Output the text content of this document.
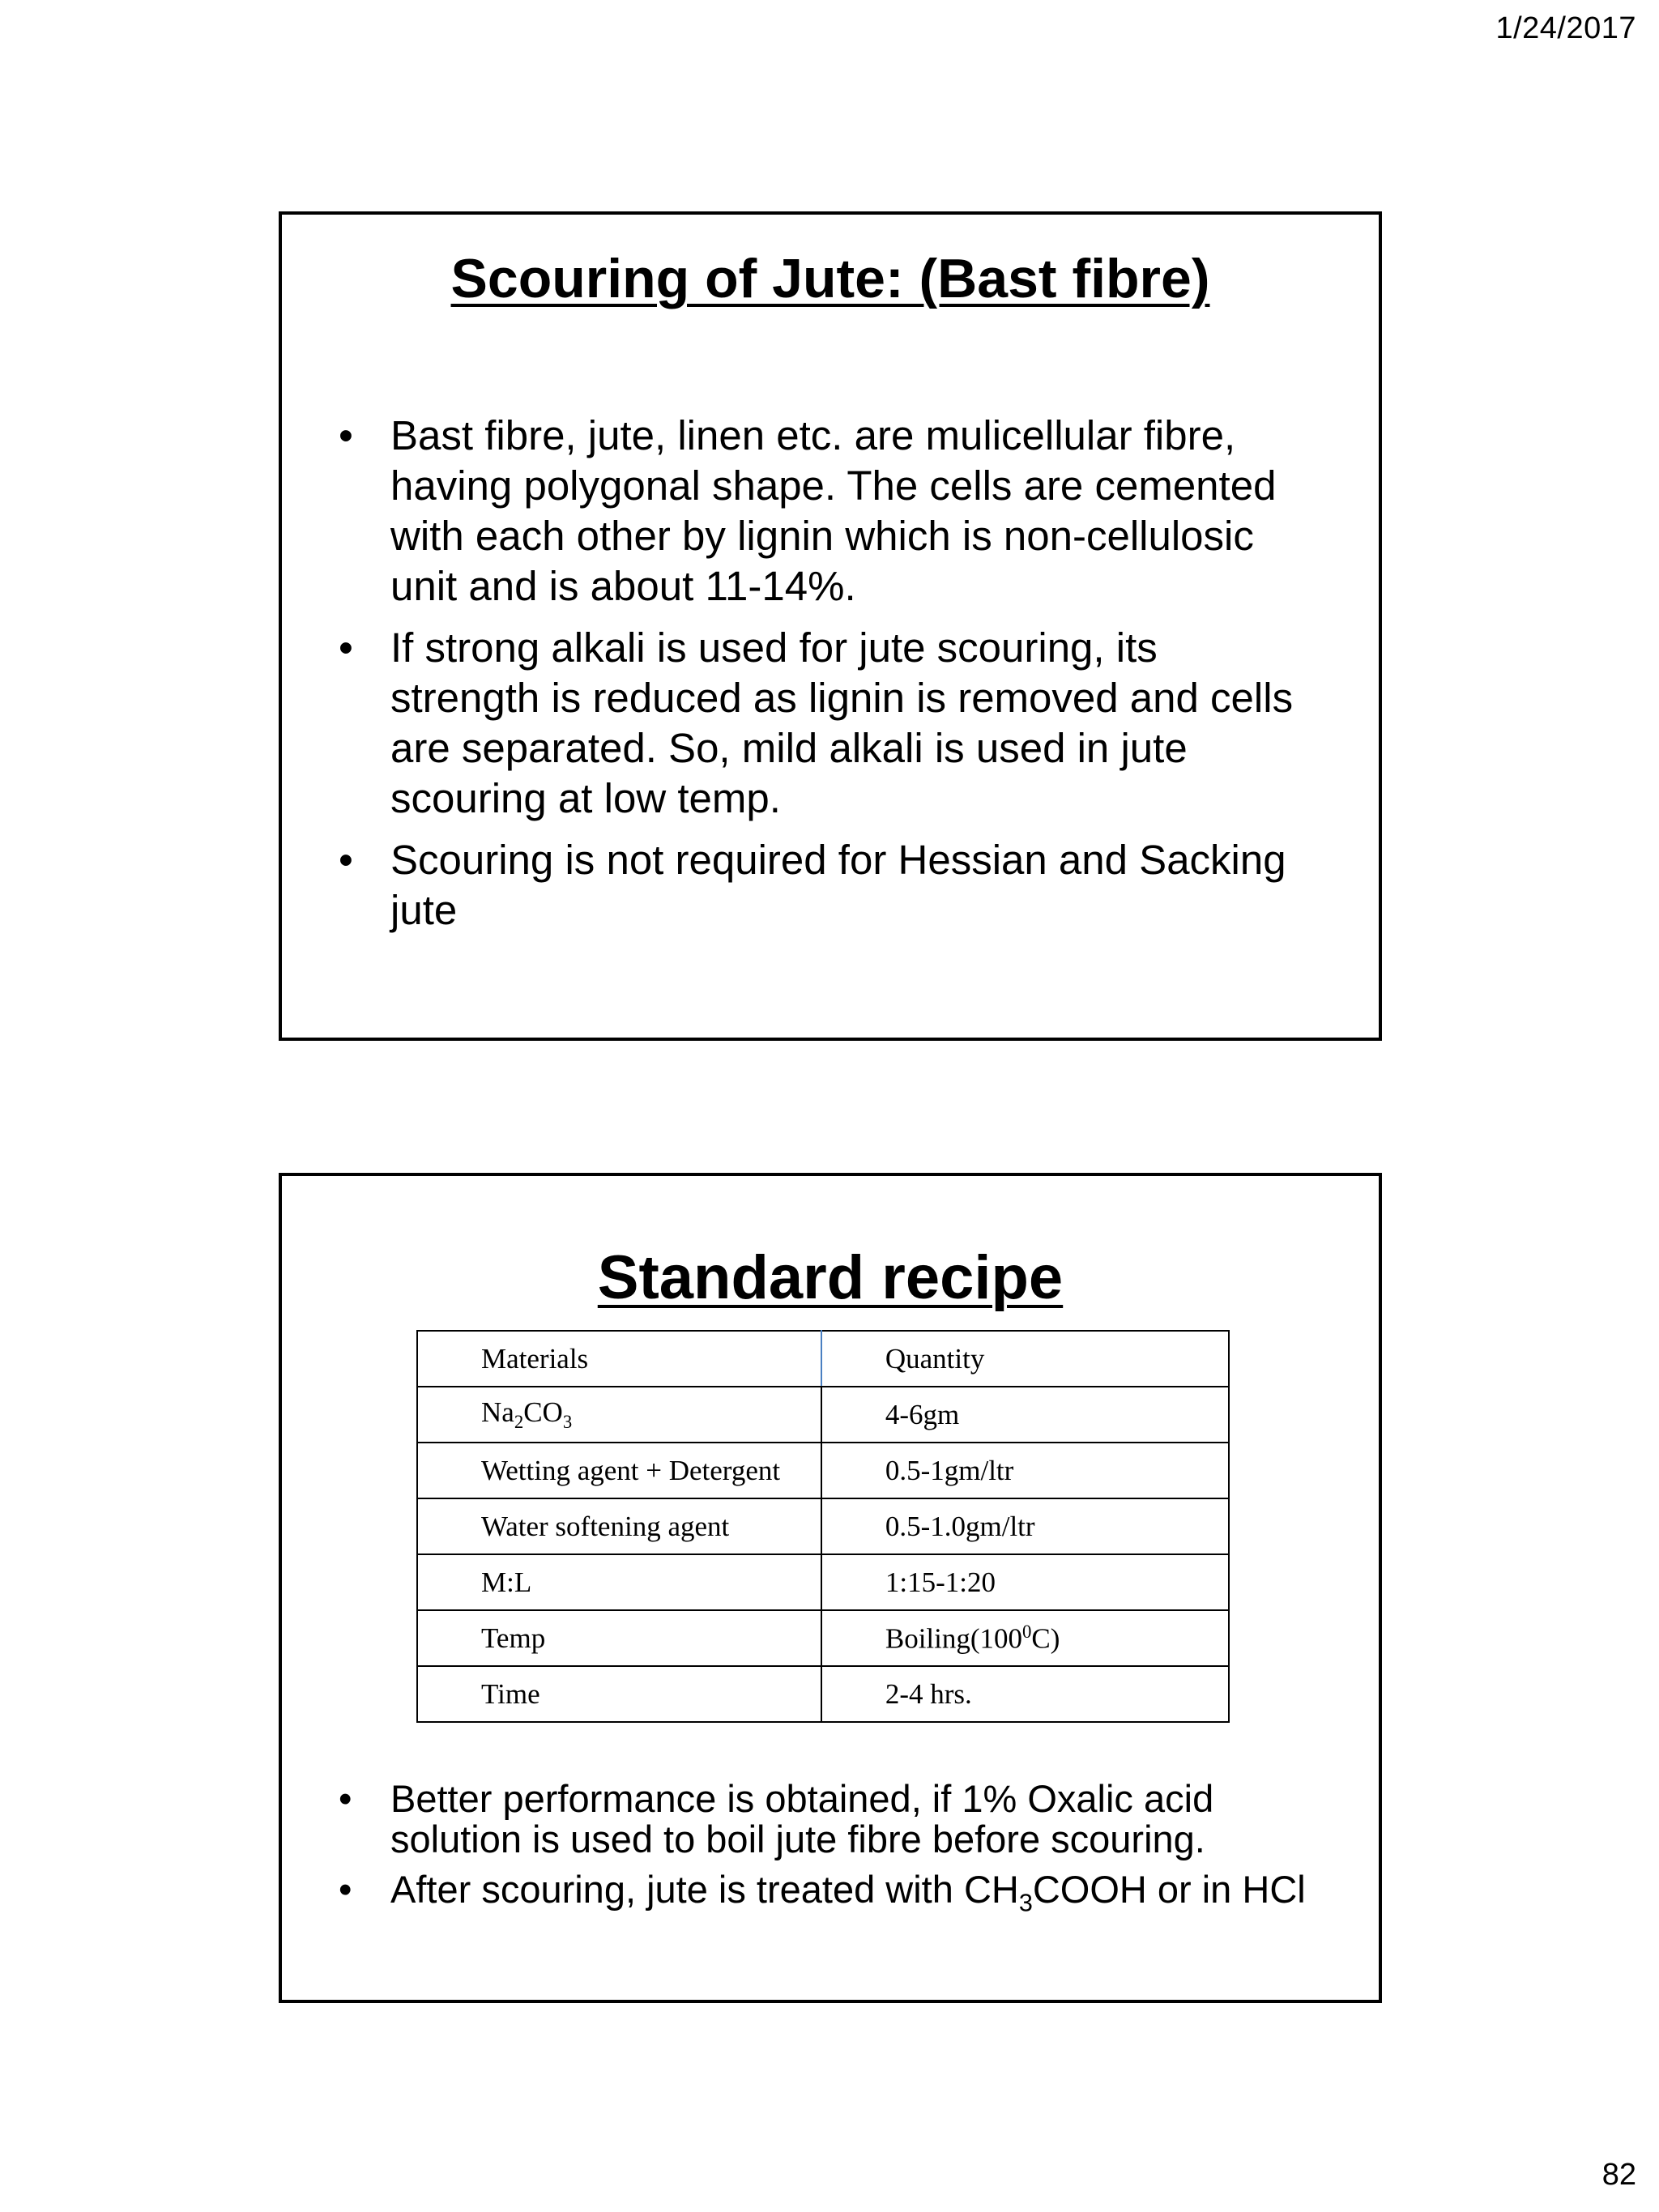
1/24/2017
Scouring of Jute: (Bast fibre)
• Bast fibre, jute, linen etc. are mulicellular fibre, having polygonal shape. The cells are cemented with each other by lignin which is non-cellulosic unit and is about 11-14%.
• If strong alkali is used for jute scouring, its strength is reduced as lignin is removed and cells are separated. So, mild alkali is used in jute scouring at low temp.
• Scouring is not required for Hessian and Sacking jute
Standard recipe
Materials	Quantity
$Na_2CO_3$	4-6gm
Wetting agent + Detergent	0.5-1gm/ltr
Water softening agent	0.5-1.0gm/ltr
M:L	1:15-1:20
Temp	$Boiling(100^0C)$
Time	2-4 hrs.
• Better performance is obtained, if 1% Oxalic acid solution is used to boil jute fibre before scouring.
• After scouring, jute is treated with $CH_3COOH$ or in HCl
82
